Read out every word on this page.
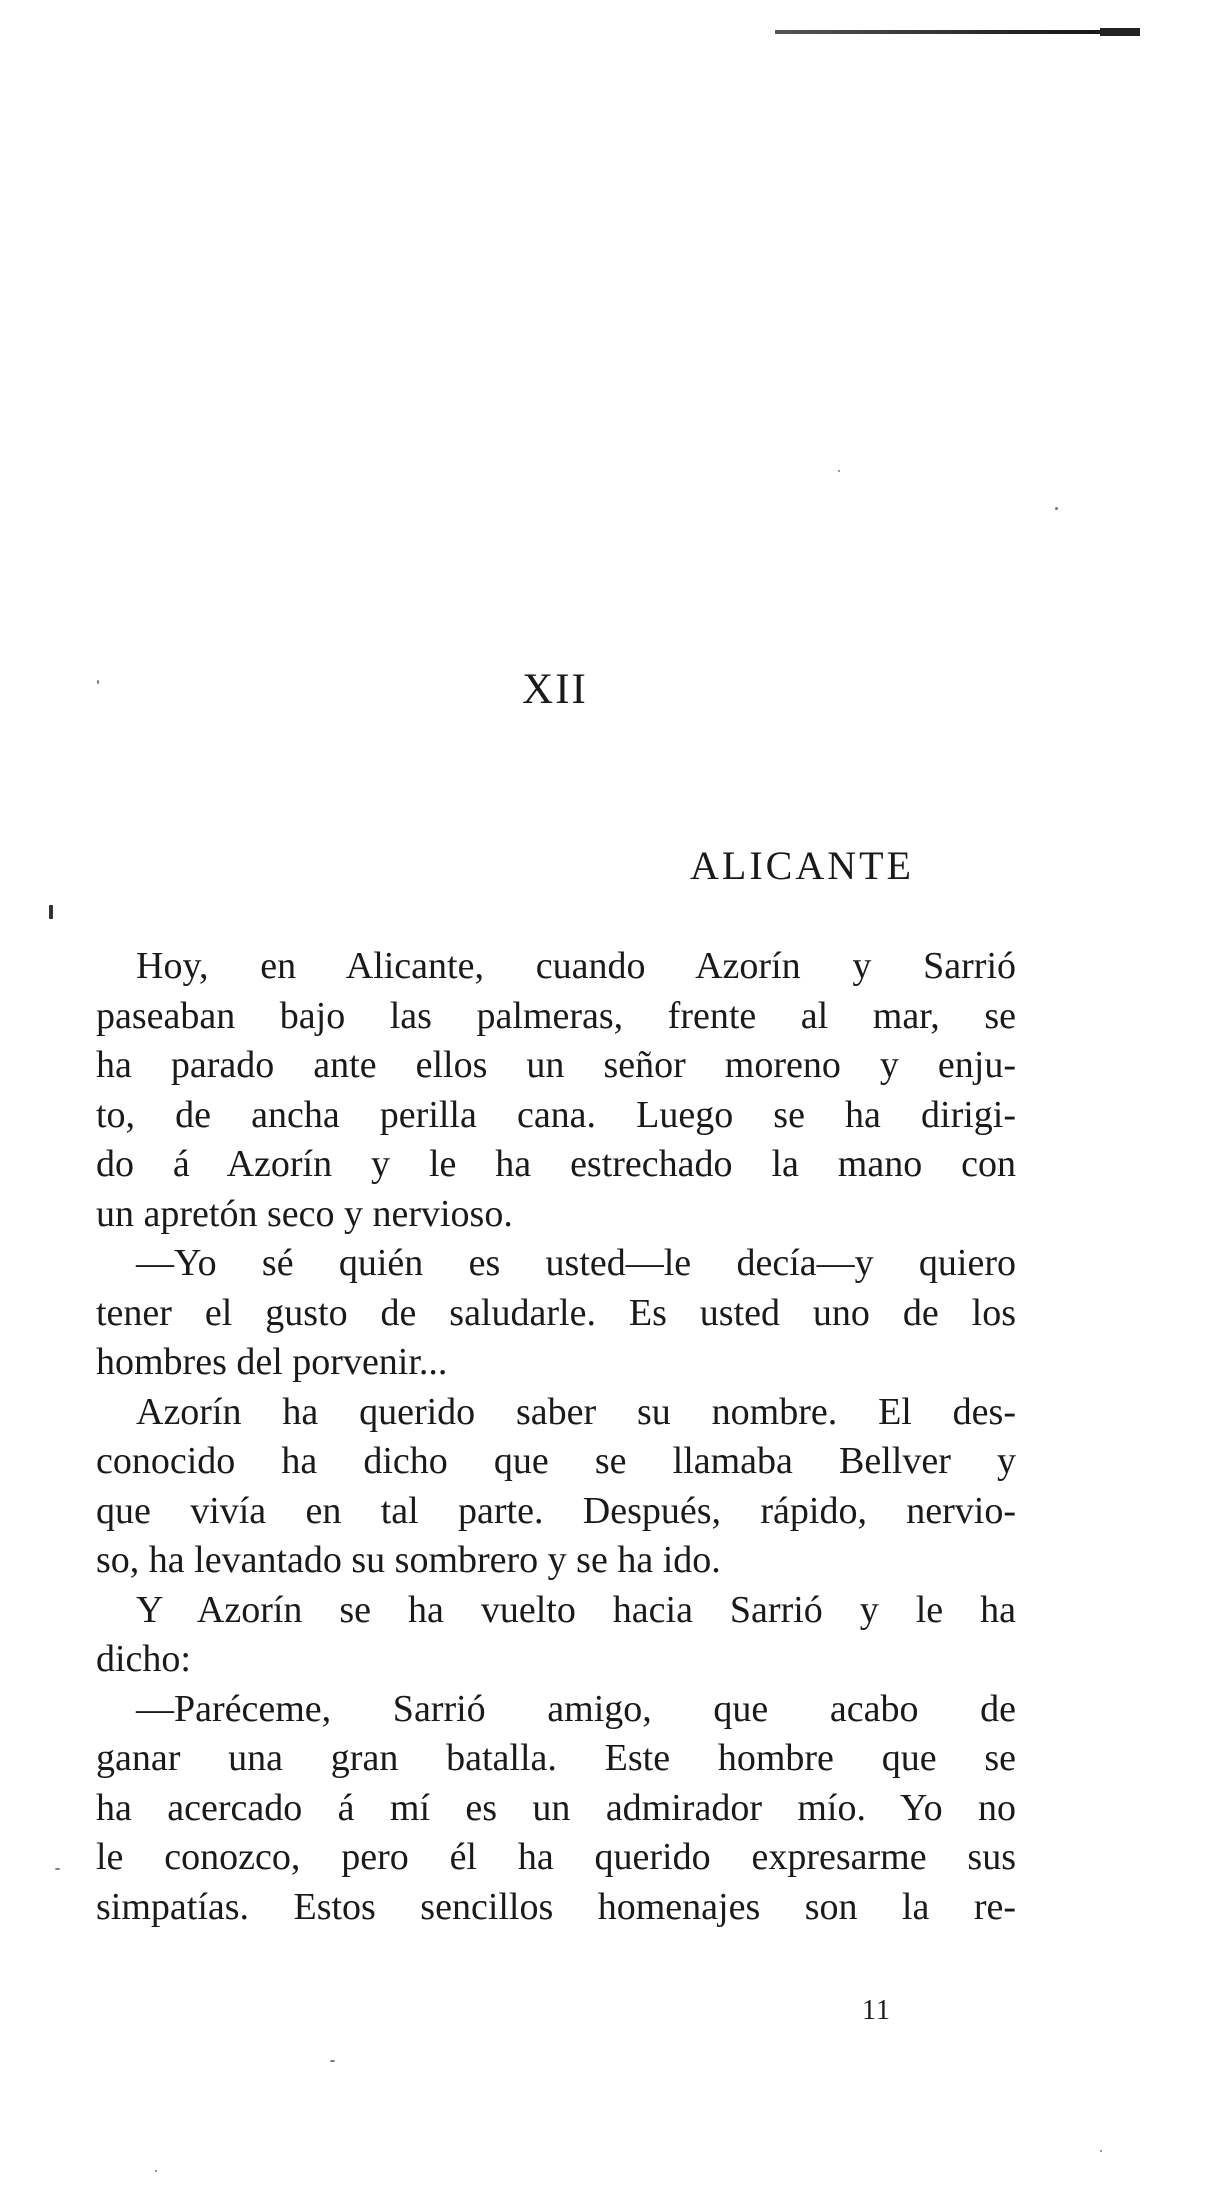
XII
ALICANTE

Hoy, en Alicante, cuando Azorín y Sarrió
paseaban bajo las palmeras, frente al mar, se
ha parado ante ellos un señor moreno y enju-
to, de ancha perilla cana. Luego se ha dirigi-
do á Azorín y le ha estrechado la mano con
un apretón seco y nervioso.

—Yo sé quién es usted—le decía—y quiero
tener el gusto de saludarle. Es usted uno de los
hombres del porvenir...

Azorín ha querido saber su nombre. El des-
conocido ha dicho que se llamaba Bellver y
que vivía en tal parte. Después, rápido, nervio-
so, ha levantado su sombrero y se ha ido.

Y Azorín se ha vuelto hacia Sarrió y le ha
dicho:

—Paréceme, Sarrió amigo, que acabo de
ganar una gran batalla. Este hombre que se
ha acercado á mí es un admirador mío. Yo no
le conozco, pero él ha querido expresarme sus
simpatías. Estos sencillos homenajes son la re-

11
